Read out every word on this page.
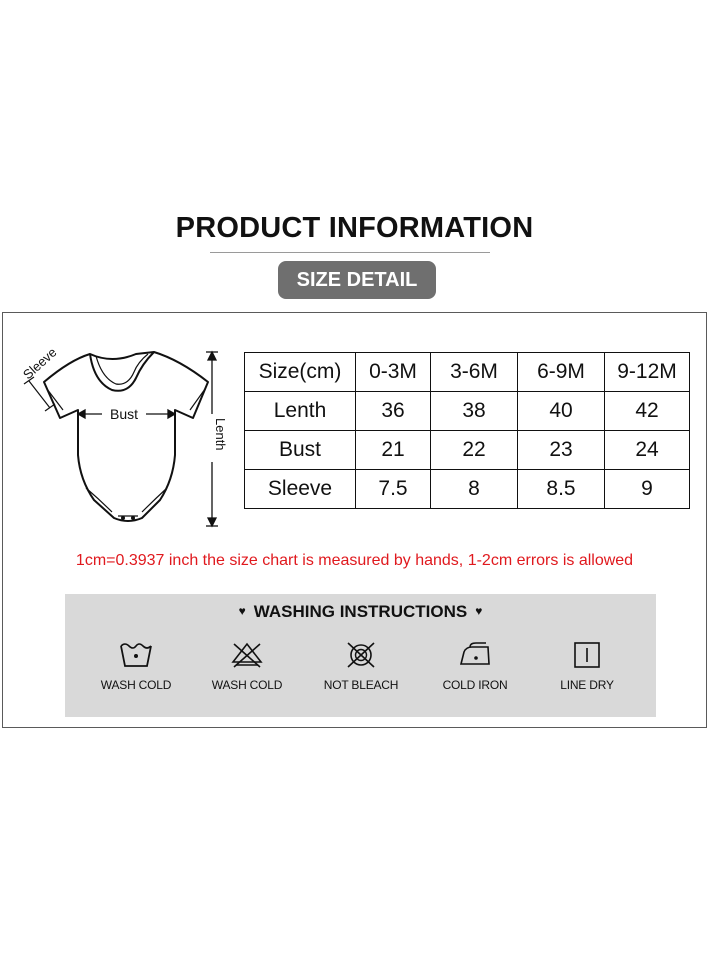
PRODUCT INFORMATION
SIZE DETAIL
Bust
Sleeve
Lenth
Size(cm)	0-3M	3-6M	6-9M	9-12M
Lenth	36	38	40	42
Bust	21	22	23	24
Sleeve	7.5	8	8.5	9
1cm=0.3937 inch the size chart is measured by hands, 1-2cm errors is allowed
♥ WASHING INSTRUCTIONS ♥
WASH COLD	WASH COLD	NOT BLEACH	COLD IRON	LINE DRY
